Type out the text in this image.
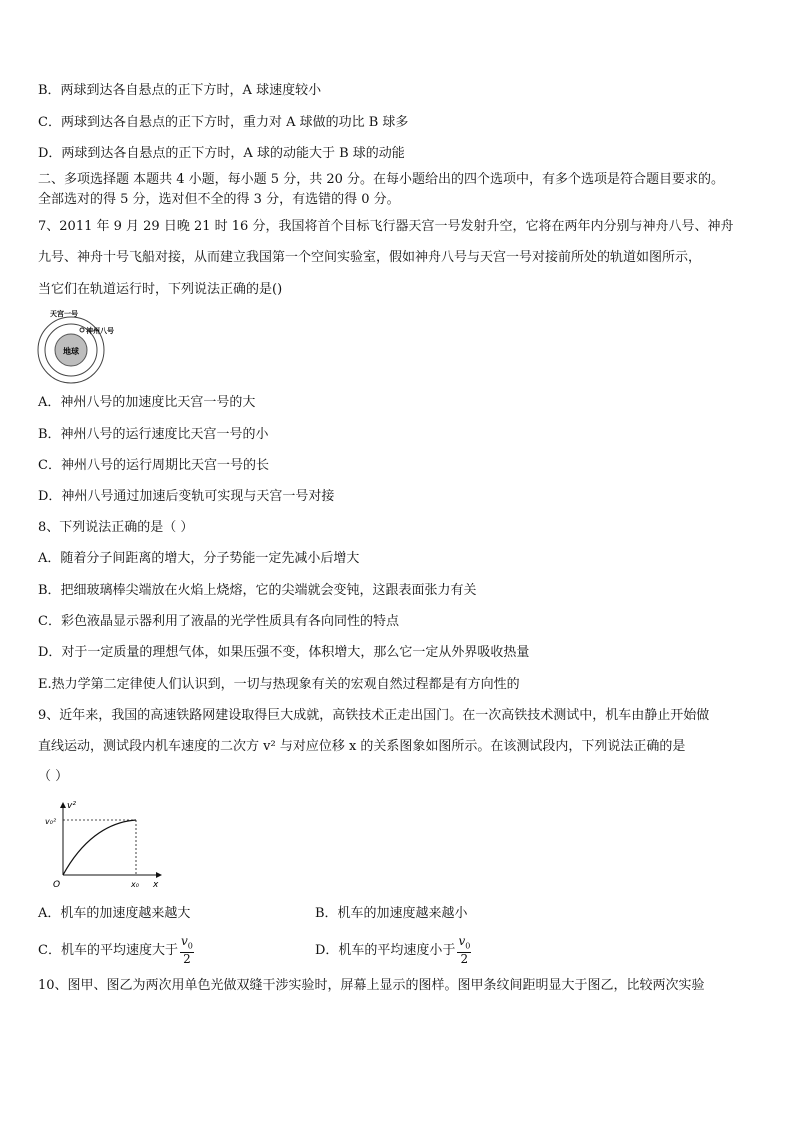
B．两球到达各自悬点的正下方时，A 球速度较小
C．两球到达各自悬点的正下方时，重力对 A 球做的功比 B 球多
D．两球到达各自悬点的正下方时，A 球的动能大于 B 球的动能
二、多项选择题 本题共 4 小题，每小题 5 分，共 20 分。在每小题给出的四个选项中，有多个选项是符合题目要求的。
全部选对的得 5 分，选对但不全的得 3 分，有选错的得 0 分。
7、2011 年 9 月 29 日晚 21 时 16 分，我国将首个目标飞行器天宫一号发射升空，它将在两年内分别与神舟八号、神舟
九号、神舟十号飞船对接，从而建立我国第一个空间实验室，假如神舟八号与天宫一号对接前所处的轨道如图所示，
当它们在轨道运行时，下列说法正确的是()
地球
天宫一号
神州八号
A．神州八号的加速度比天宫一号的大
B．神州八号的运行速度比天宫一号的小
C．神州八号的运行周期比天宫一号的长
D．神州八号通过加速后变轨可实现与天宫一号对接
8、下列说法正确的是（ ）
A．随着分子间距离的增大，分子势能一定先减小后增大
B．把细玻璃棒尖端放在火焰上烧熔，它的尖端就会变钝，这跟表面张力有关
C．彩色液晶显示器利用了液晶的光学性质具有各向同性的特点
D．对于一定质量的理想气体，如果压强不变，体积增大，那么它一定从外界吸收热量
E.热力学第二定律使人们认识到，一切与热现象有关的宏观自然过程都是有方向性的
9、近年来，我国的高速铁路网建设取得巨大成就，高铁技术正走出国门。在一次高铁技术测试中，机车由静止开始做
直线运动，测试段内机车速度的二次方 v² 与对应位移 x 的关系图象如图所示。在该测试段内，下列说法正确的是
（ ）
v²
x
O
v₀²
x₀
A．机车的加速度越来越大	B．机车的加速度越来越小
C．机车的平均速度大于 $\frac{v_0}{2}$	D．机车的平均速度小于 $\frac{v_0}{2}$
10、图甲、图乙为两次用单色光做双缝干涉实验时，屏幕上显示的图样。图甲条纹间距明显大于图乙，比较两次实验
